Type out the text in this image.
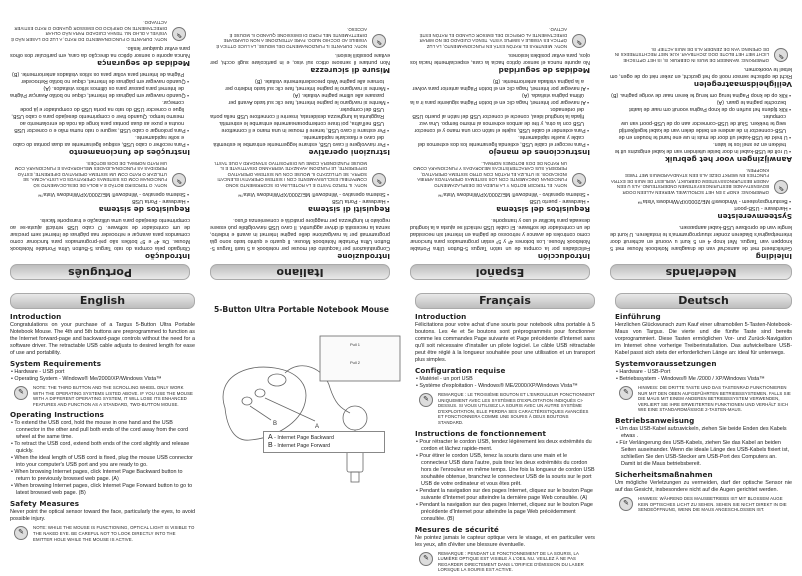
Nederlands
Inleiding

Gefeliciteerd met de aanschaf van de draagbare Notebook Mouse met 5 knoppen van Targus. Met knop 4 en 5 kunt u vooruit en achteruit door internetpagina's bladeren zonder stuurprogramma's te installeren. U kunt de lengte van de oprolbare USB-kabel aanpassen.

Systeemvereisten
• Hardware - USB-poort
• Besturingssysteem - Windows® ME/2000/XP/Windows Vista™
✎
OPMERKING: KNOP 3 EN HET SCROLLWIEL WERKEN ALLEEN DOOR BOVENSTAANDE BESTURINGSSYSTEMEN ONDERSTEUND. ALS U EEN ANDER BESTURINGSSYSTEEM GEBRUIKT, VERLIEST DE MUIS DE EXTRA FUNCTIES EN WERKT DEZE ALS EEN STANDAARDMUIS MET TWEE KNOPPEN.
Aanwijzingen voor het gebruik
• U rolt de USB-kabel in door beide uiteinden van de kabel enigszins uit te trekken en ze snel los te laten.
• U trekt de USB-kabel uit door de muis in uw ene hand te houden en de USB-connector in de andere en beide delen van de kabel tegelijkertijd weg te trekken. Sluit de USB-connector aan op de USB-poort van uw computer.
• Klik tijdens het surfen op de knop Pagina vooruit om naar de laatst bezochte pagina te gaan. (A)
• Klik op de knop Pagina terug om terug te keren naar de vorige pagina. (B)
Veiligheidsmaatregelen

Richt de optische sensor nooit op het gezicht, en zeker niet op de ogen, om letsel te voorkomen.

✎
OPMERKING: WANNEER DE MUIS IN GEBRUIK IS, IS HET OPTISCHE LICHT MET HET BLOTE OOG ZICHTBAAR. KIJK NIET RECHTSTREEKS IN DE OPENING VAN DE ZENDER ALS DE MUIS ACTIEF IS.
Español
Introducción

Felicidades por la compra de un ratón Targus 5-Button Ultra Portable Notebook Mouse. Los botones 4º y 5º están programados para funcionar como controles de avance y retroceso de página en Internet sin necesidad de un controlador de software. El cable USB retráctil se ajusta a la longitud deseada para facilitar el uso y transporte.

Requisitos del sistema
• Hardware - puerto USB
• Sistema operativo - Windows® ME/2000/XP/Windows Vista™
✎
NOTA: EL TERCER BOTÓN Y LA RUEDA DE DESPLAZAMIENTO FUNCIONAN ÚNICAMENTE CON LOS SISTEMAS OPERATIVOS ARRIBA INDICADOS. SI UTILIZA EL RATÓN CON OTRO SISTEMA OPERATIVO, PERDERÁ SUS CARACTERÍSTICAS MEJORADAS Y FUNCIONARÁ COMO UN RATÓN DE DOS BOTONES NORMAL.
Instrucciones de manejo
• Para recoger el cable USB, extienda ligeramente los dos extremos del cable y suelte rápidamente.
• Para extender el cable USB, sujete el ratón con una mano y el conector USB con la otra, y tire de ambos extremos al mismo tiempo. Una vez fijada la longitud ideal, conecte el conector USB del ratón al puerto USB del ordenador.
• Al navegar por Internet, haga clic en el botón Página siguiente para ir a la última página visitada. (A)
• Al navegar por Internet, haga clic en el botón Página anterior para volver a la página visitada anteriormente. (B)
Medidas de seguridad

No apunte nunca el sensor óptico hacia la cara, especialmente hacia los ojos, para evitar posibles lesiones.

✎
NOTA: MIENTRAS EL RATÓN ESTÁ EN FUNCIONAMIENTO, LA LUZ ÓPTICA ES VISIBLE A SIMPLE VISTA. TENGA CUIDADO DE NO MIRAR DIRECTAMENTE AL ORIFICIO DEL EMISOR CUANDO EL RATÓN ESTÉ ACTIVO.
Italiano
Introduzione

Congratulazioni per l'acquisto del mouse per notebook a 5 tasti Targus 5-Button Ultra Portable Notebook Mouse. Il quarto e quinto tasto sono già programmati per la navigazione delle pagine Internet in avanti e indietro, senza la necessità di driver aggiuntivi. Il cavo USB riavvolgibile può essere regolato in lunghezza per maggiore praticità e convenienza d'uso.

Requisiti di sistema
• Hardware - Porta USB
• Sistema operativo - Windows® ME/2000/XP/Windows Vista™
✎
NOTA: IL TERZO TASTO E LA ROTELLINA DI SCORRIMENTO SONO COMPATIBILI ESCLUSIVAMENTE CON I SISTEMI OPERATIVI ELENCATI SOPRA. SE UTILIZZATO IL MOUSE CON UN SISTEMA OPERATIVO DIFFERENTE, LE FUNZIONI AVANZATE VERRANNO DISATTIVATE E IL MOUSE FUNZIONERÀ COME UN DISPOSITIVO STANDARD A DUE TASTI.
Istruzioni operative
• Per riavvolgere il cavo USB, estrarre leggermente entrambe le estremità del cavo e rilasciarle rapidamente.
• Per estrarre il cavo USB, tenere il mouse in una mano e il connettore USB nell'altra, poi tirare contemporaneamente entrambe le estremità. Raggiunta la lunghezza desiderata, inserire il connettore USB nella porta USB del computer.
• Mentre si navigano le pagine Internet, fare clic sul tasto Avanti per passare alle ultime pagine visitate. (A)
• Mentre si navigano le pagine Internet, fare clic sul tasto Indietro per tornare alle pagine Web precedentemente visitate. (B)
Misure di sicurezza

Non puntare il sensore ottico sul viso, e in particolare sugli occhi, per evitare possibili lesioni.

✎
NOTA: DURANTE IL FUNZIONAMENTO DEL MOUSE, LA LUCE OTTICA È VISIBILE AD OCCHIO NUDO. FARE ATTENZIONE A NON GUARDARE DIRETTAMENTE NEL FORO DI EMISSIONE QUANDO IL MOUSE È ACCESO.
Português
Introdução

Obrigado pela compra do rato Targus 5-Button Ultra Portable Notebook Mouse. Os 4º e 5º botões são pré-programados para funcionar como comandos para avançar e retroceder nas páginas de Internet sem precisar de um controlador de software. O cabo USB retráctil ajusta-se ao comprimento desejado para uma utilização e transporte fáceis.

Requisitos de sistema
• Hardware - Porta USB
• Sistema operativo - Windows® ME/2000/XP/Windows Vista™
✎
NOTA: O TERCEIRO BOTÃO E A BOLA DE DESLOCAMENTO SÓ FUNCIONAM COM OS SISTEMAS OPERATIVOS DA LISTA ACIMA. SE UTILIZAR O RATO COM UM SISTEMA OPERATIVO DIFERENTE, ESTÃO PERDIDAS AS FUNCIONALIDADES MELHORADAS E FUNCIONARÁ COM UM RATO NORMAL DE DOIS BOTÕES.
Instruções de funcionamento
• Para recolher o cabo USB, estique ligeiramente as duas pontas do cabo e solte rapidamente.
• Para prolongar o cabo USB, segure o rato numa mão e o conector USB noutra e puxe as duas pontas para longe da roda de enrolamento ao mesmo tempo. Quando tiver o comprimento desejado para o cabo USB, ligue o conector USB do rato na porta USB do computador e já pode começar.
• Quando navegar em páginas de Internet, clique no botão Avançar Página de Internet para passar para os últimos sítios visitados. (A)
• Quando navegar em páginas de Internet, clique no botão Retroceder Página de Internet para voltar para os sítios visitados anteriormente. (B)
Medidas de segurança

Nunca aponte o sensor óptico na direcção da cara, em particular dos olhos para evitar qualquer lesão.

✎
NOTA: DURANTE O FUNCIONAMENTO DO RATO, A LUZ DO LASER NÃO É VISÍVEL A OLHO NU. TENHA CUIDADO PARA NÃO OLHAR DIRECTAMENTE NO ORIFÍCIO DO EMISSOR QUANDO O RATO ESTIVER ACTIVADO.
English
Introduction

Congratulations on your purchase of a Targus 5-Button Ultra Portable Notebook Mouse. The 4th and 5th buttons are preprogrammed to function as the Internet forward-page and backward-page controls without the need for a software driver. The retractable USB cable adjusts to desired length for ease of use and portability.

System Requirements
• Hardware - USB port
• Operating System - Windows® Me/2000/XP/Windows Vista™
✎
NOTE: THE THIRD BUTTON AND THE SCROLLING WHEEL ONLY WORK WITH THE OPERATING SYSTEMS LISTED ABOVE. IF YOU USE THE MOUSE WITH A DIFFERENT OPERATING SYSTEM, IT WILL LOSE ITS ENHANCED FEATURES AND FUNCTION AS A STANDARD, TWO-BUTTON MOUSE.
Operating Instructions
• To extend the USB cord, hold the mouse in one hand and the USB connector in the other and pull both ends of the cord away from the cord wheel at the same time.
• To retract the USB cord, extend both ends of the cord slightly and release quickly.
• When the ideal length of USB cord is fixed, plug the mouse USB connector into your computer's USB port and you are ready to go.
• When browsing Internet pages, click Internet Page Backward button to return to previously browsed web page. (A)
• When browsing Internet pages, click Internet Page Forward button to go to latest browsed web page. (B)
Safety Measures

Never point the optical sensor toward the face, particularly the eyes, to avoid possible injury.

✎
NOTE: WHILE THE MOUSE IS FUNCTIONING, OPTICAL LIGHT IS VISIBLE TO THE NAKED EYE. BE CAREFUL NOT TO LOOK DIRECTLY INTO THE EMITTER HOLE WHILE THE MOUSE IS ACTIVE.
5-Button Ultra Portable Notebook Mouse
A
B
Pull 1
Pull 2
A - Internet Page Backward
B - Internet Page Forward
Français
Introduction

Félicitations pour votre achat d'une souris pour notebook ultra portable à 5 boutons. Les 4e et 5e boutons sont préprogrammés pour fonctionner comme les commandes Page suivante et Page précédente d'Internet sans qu'il soit nécessaire d'installer un pilote logiciel. Le câble USB rétractable peut être réglé à la longueur souhaitée pour une utilisation et un transport plus simples.

Configuration requise
• Matériel - un port USB
• Système d'exploitation - Windows® ME/2000/XP/Windows Vista™
✎
REMARQUE : LE TROISIÈME BOUTON ET L'ENROULEUR FONCTIONNENT UNIQUEMENT AVEC LES SYSTÈMES D'EXPLOITATION INDIQUÉS CI-DESSUS. SI VOUS UTILISEZ LA SOURIS AVEC UN AUTRE SYSTÈME D'EXPLOITATION, ELLE PERDRA SES CARACTÉRISTIQUES AVANCÉES ET FONCTIONNERA COMME UNE SOURIS À DEUX BOUTONS STANDARD.
Instructions de fonctionnement
• Pour rétracter le cordon USB, tendez légèrement les deux extrémités du cordon et lâchez rapide-ment.
• Pour étirer le cordon USB, tenez la souris dans une main et le connecteur USB dans l'autre, puis tirez les deux extrémités du cordon hors de l'enrouleur en même temps. Une fois la longueur de cordon USB souhaitée obtenue, branchez le connecteur USB de la souris sur le port USB de votre ordinateur et vous êtes prêt.
• Pendant la navigation sur des pages Internet, cliquez sur le bouton Page suivante d'Internet pour atteindre la dernière page Web consultée. (A)
• Pendant la navigation sur des pages Internet, cliquez sur le bouton Page précédente d'Internet pour atteindre la page Web précédemment consultée. (B)
Mesures de sécurité

Ne pointez jamais le capteur optique vers le visage, et en particulier vers les yeux, afin d'éviter une blessure éventuelle.

✎
REMARQUE : PENDANT LE FONCTIONNEMENT DE LA SOURIS, LA LUMIÈRE OPTIQUE EST VISIBLE À L'OEIL NU. VEILLEZ À NE PAS REGARDER DIRECTEMENT DANS L'ORIFICE D'ÉMISSION DU LASER LORSQUE LA SOURIS EST ACTIVE.
Deutsch
Einführung

Herzlichen Glückwunsch zum Kauf einer ultramobilen 5-Tasten-Notebook-Maus von Targus. Die vierte und die fünfte Taste sind bereits vorprogrammiert. Diese Tasten ermöglichen Vor- und Zurück-Navigation im Internet ohne vorherige Treiberinstallation. Das aufwickelbare USB-Kabel passt sich stets der erforderlichen Länge an: ideal für unterwegs.

Systemvoraussetzungen
• Hardware - USB-Port
• Betriebssystem - Windows® Me /2000 / XP/Windows Vista™
✎
HINWEIS: DIE DRITTE TASTE UND DAS TASTENRAD FUNKTIONIEREN NUR MIT DEN OBEN AUFGEFÜHRTEN BETRIEBSSYSTEMEN. FALLS SIE DIE MAUS MIT EINEM ANDEREN BETRIEBSSYSTEM VERWENDEN, VERLIERT SIE IHRE ERWEITERTEN FUNKTIONEN UND VERHÄLT SICH WIE EINE STANDARDMÄSSIGE 2-TASTEN-MAUS.
Betriebsanweisung
• Um das USB-Kabel aufzuwickeln, ziehen Sie beide Enden des Kabels etwas .
• Für Verlängerung des USB-Kabels, ziehen Sie das Kabel an beiden Seiten auseinander. Wenn die ideale Länge des USB-Kabels fixiert ist, schließen Sie den USB-Stecker am USB-Port des Computers an. Damit ist die Maus betriebsbereit.
Sicherheitsmaßnahmen

Um mögliche Verletzungen zu vermeiden, darf der optische Sensor nie auf das Gesicht, insbesondere nicht auf die Augen gerichtet werden.

✎
HINWEIS: WÄHREND DES MAUSBETRIEBS IST MIT BLOSSEM AUGE KEIN OPTISCHES LICHT ZU SEHEN. SEHEN SIE NICHT DIREKT IN DIE SENDEÖFFNUNG, WENN DIE MAUS ANGESCHLOSSEN IST.
